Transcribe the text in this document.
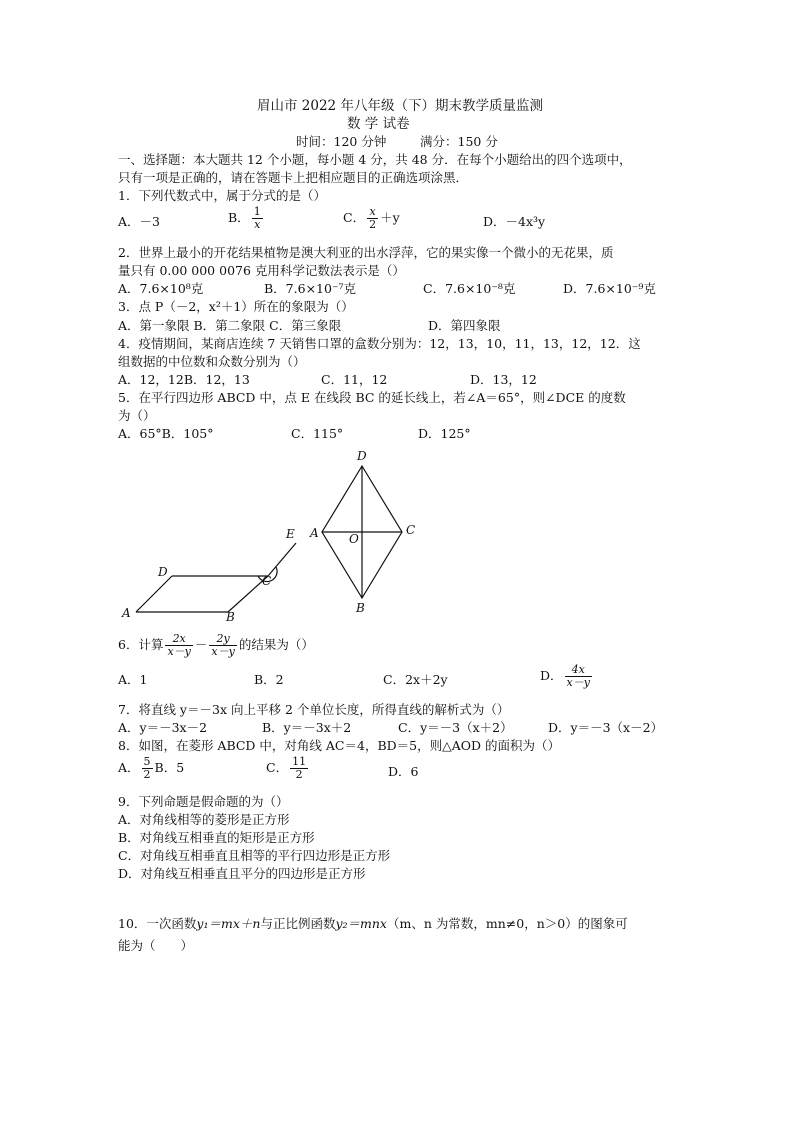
眉山市 2022 年八年级（下）期末教学质量监测
数 学 试卷
时间：120 分钟	满分：150 分
一、选择题：本大题共 12 个小题，每小题 4 分，共 48 分．在每个小题给出的四个选项中，
只有一项是正确的，请在答题卡上把相应题目的正确选项涂黑．
1．下列代数式中，属于分式的是（）
A．－3	B． $\frac{1}{x}$	C． $\frac{x}{2} +y$	D．－4x³y
2．世界上最小的开花结果植物是澳大利亚的出水浮萍，它的果实像一个微小的无花果，质
量只有 0.00 000 0076 克用科学记数法表示是（）
A．7.6×10⁸克	B．7.6×10⁻⁷克	C．7.6×10⁻⁸克	D．7.6×10⁻⁹克
3．点 P（－2，x²＋1）所在的象限为（）
A．第一象限 B．第二象限 C．第三象限	D．第四象限
4．疫情期间，某商店连续 7 天销售口罩的盒数分别为：12，13，10，11，13，12，12．这
组数据的中位数和众数分别为（）
A．12，12B．12，13	C．11，12	D．13，12
5．在平行四边形 ABCD 中，点 E 在线段 BC 的延长线上，若∠A＝65°，则∠DCE 的度数
为（）
A．65°B．105°	C．115°	D．125°
A	B
C
D
E
D
A	C
O
B
6．计算 $\frac{2x}{x-y} - \frac{2y}{x-y}$ 的结果为（）
A．1	B．2	C．2x＋2y	D． $\frac{4x}{x-y}$
7．将直线 y＝－3x 向上平移 2 个单位长度，所得直线的解析式为（）
A．y＝－3x－2	B．y＝－3x＋2	C．y＝－3（x＋2）	D．y＝－3（x－2）
8．如图，在菱形 ABCD 中，对角线 AC＝4，BD＝5，则△AOD 的面积为（）
A． $\frac{5}{2}$ B．5	C． $\frac{11}{2}$	D．6
9．下列命题是假命题的为（）
A．对角线相等的菱形是正方形
B．对角线互相垂直的矩形是正方形
C．对角线互相垂直且相等的平行四边形是正方形
D．对角线互相垂直且平分的四边形是正方形
10．一次函数y₁＝mx＋n与正比例函数y₂＝mnx（m、n 为常数，mn≠0，n＞0）的图象可
能为（　　）
